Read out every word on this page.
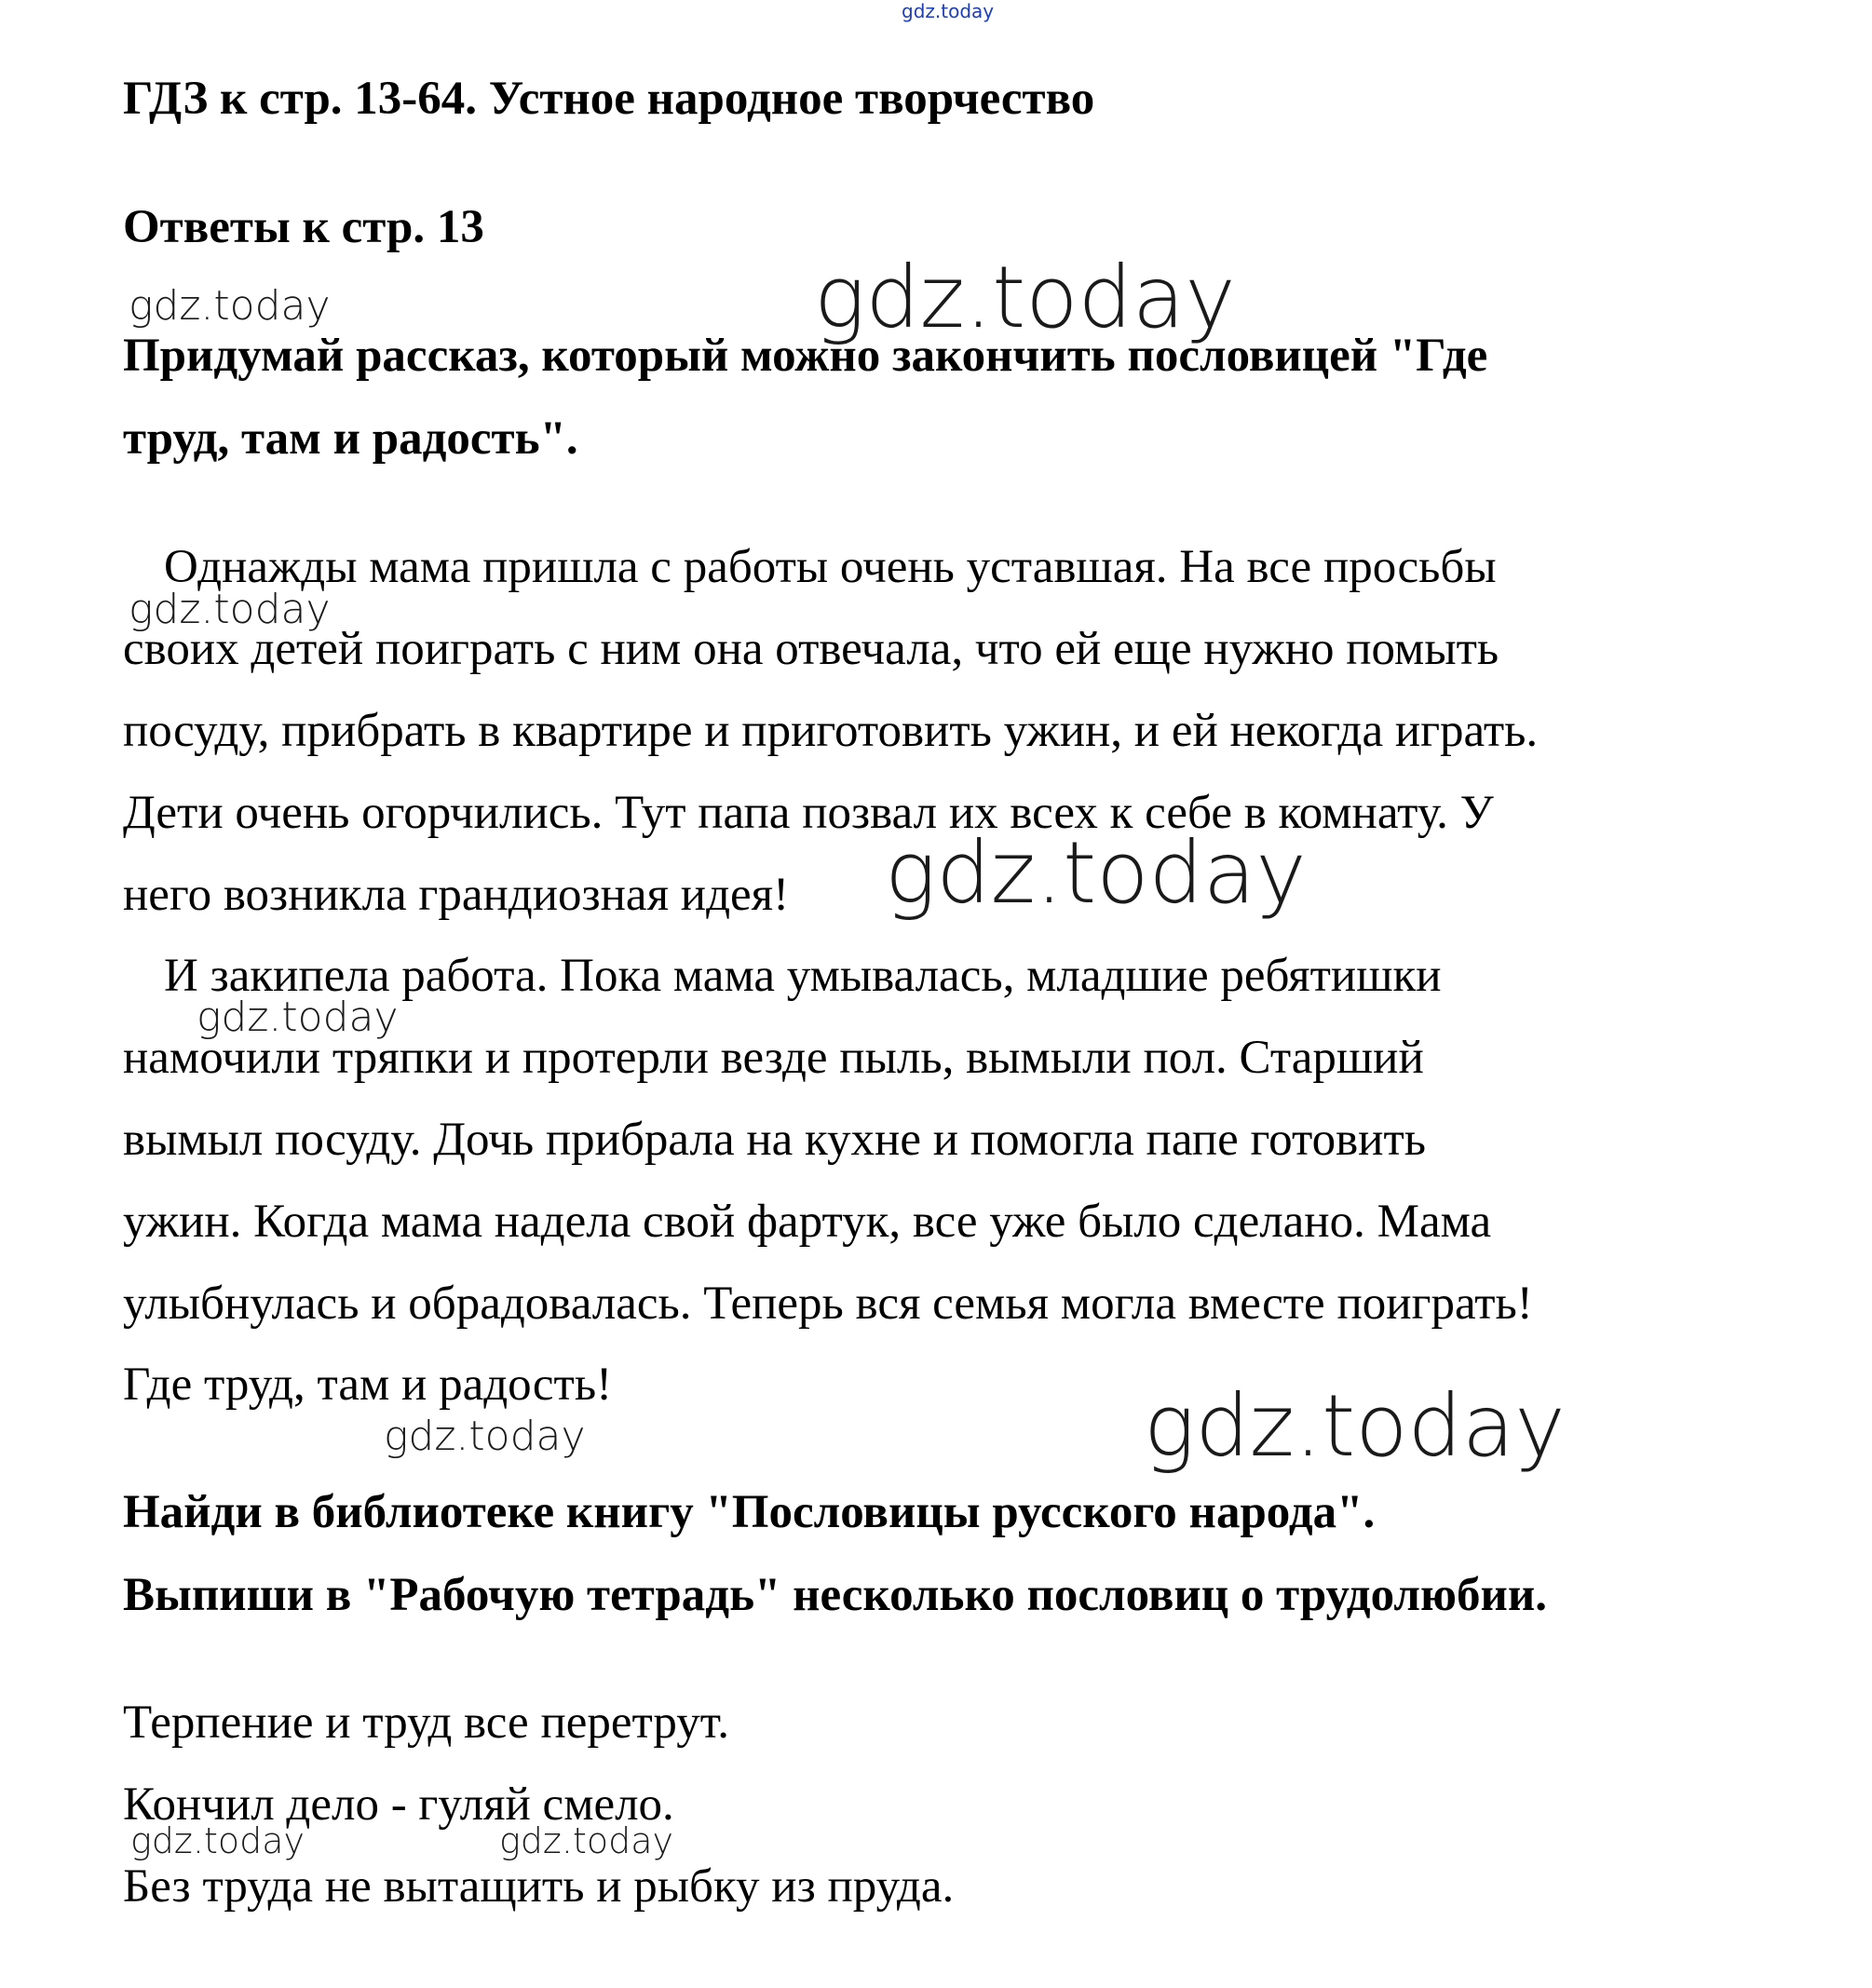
gdz.today
ГДЗ к стр. 13-64. Устное народное творчество
Ответы к стр. 13
Придумай рассказ, который можно закончить пословицей "Где
труд, там и радость".
Однажды мама пришла с работы очень уставшая. На все просьбы
своих детей поиграть с ним она отвечала, что ей еще нужно помыть
посуду, прибрать в квартире и приготовить ужин, и ей некогда играть.
Дети очень огорчились. Тут папа позвал их всех к себе в комнату. У
него возникла грандиозная идея!
И закипела работа. Пока мама умывалась, младшие ребятишки
намочили тряпки и протерли везде пыль, вымыли пол. Старший
вымыл посуду. Дочь прибрала на кухне и помогла папе готовить
ужин. Когда мама надела свой фартук, все уже было сделано. Мама
улыбнулась и обрадовалась. Теперь вся семья могла вместе поиграть!
Где труд, там и радость!
Найди в библиотеке книгу "Пословицы русского народа".
Выпиши в "Рабочую тетрадь" несколько пословиц о трудолюбии.
Терпение и труд все перетрут.
Кончил дело - гуляй смело.
Без труда не вытащить и рыбку из пруда.
gdz.today	gdz.today
gdz.today
gdz.today
gdz.today
gdz.today	gdz.today
gdz.today	gdz.today
